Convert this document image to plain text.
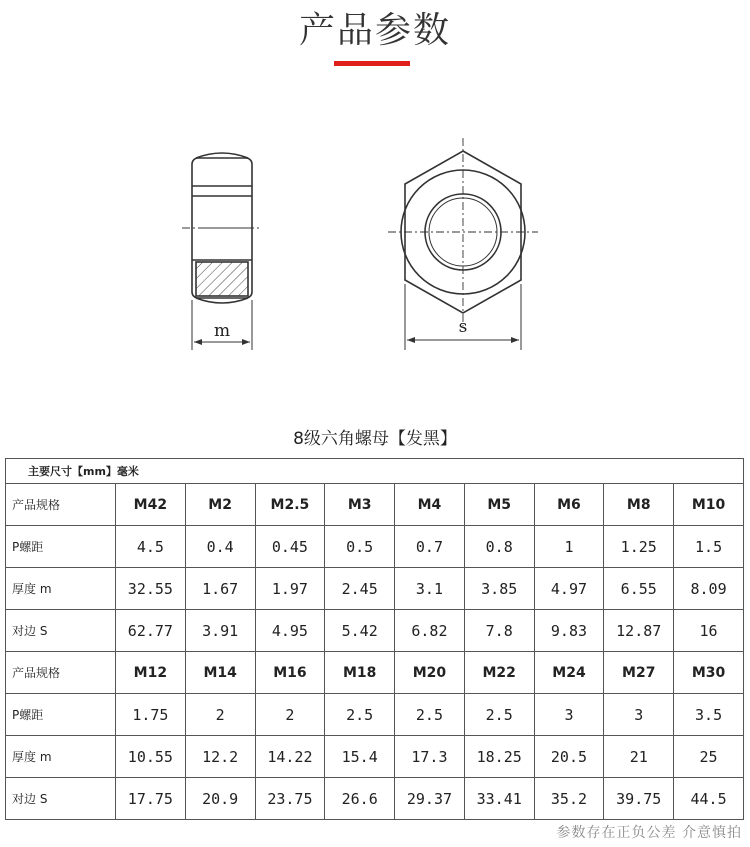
产品参数
m	s
8级六角螺母【发黑】
主要尺寸【mm】毫米									
产品规格	M42	M2	M2.5	M3	M4	M5	M6	M8	M10
P螺距	4.5	0.4	0.45	0.5	0.7	0.8	1	1.25	1.5
厚度 m	32.55	1.67	1.97	2.45	3.1	3.85	4.97	6.55	8.09
对边 S	62.77	3.91	4.95	5.42	6.82	7.8	9.83	12.87	16
产品规格	M12	M14	M16	M18	M20	M22	M24	M27	M30
P螺距	1.75	2	2	2.5	2.5	2.5	3	3	3.5
厚度 m	10.55	12.2	14.22	15.4	17.3	18.25	20.5	21	25
对边 S	17.75	20.9	23.75	26.6	29.37	33.41	35.2	39.75	44.5
参数存在正负公差 介意慎拍
